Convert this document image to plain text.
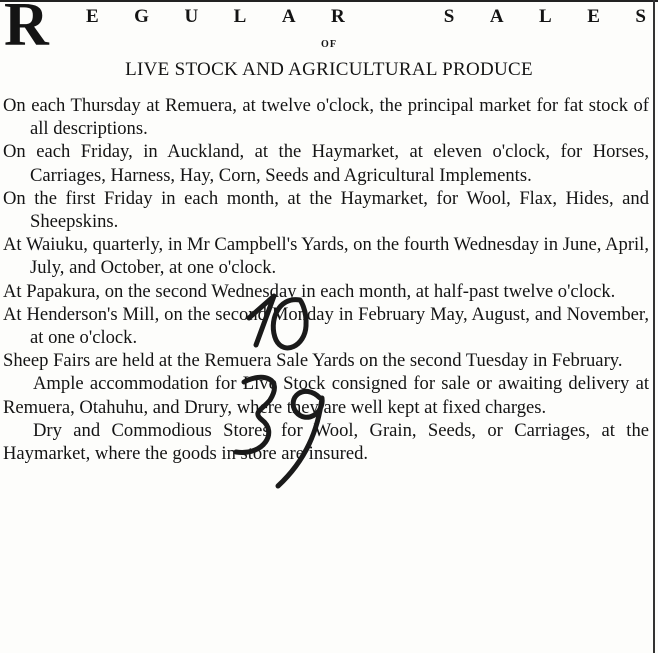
R E G U L A R	S A L E S
OF
LIVE STOCK AND AGRICULTURAL PRODUCE

On each Thursday at Remuera, at twelve o'clock, the principal market for fat stock of all descriptions.

On each Friday, in Auckland, at the Haymarket, at eleven o'clock, for Horses, Carriages, Harness, Hay, Corn, Seeds and Agricultural Implements.

On the first Friday in each month, at the Haymarket, for Wool, Flax, Hides, and Sheepskins.

At Waiuku, quarterly, in Mr Campbell's Yards, on the fourth Wednesday in June, April, July, and October, at one o'clock.

At Papakura, on the second Wednesday in each month, at half-past twelve o'clock.

At Henderson's Mill, on the second Monday in February May, August, and November, at one o'clock.

Sheep Fairs are held at the Remuera Sale Yards on the second Tuesday in February.

Ample accommodation for Live Stock consigned for sale or awaiting delivery at Remuera, Otahuhu, and Drury, where they are well kept at fixed charges.

Dry and Commodious Stores for Wool, Grain, Seeds, or Carriages, at the Haymarket, where the goods in store are insured.
